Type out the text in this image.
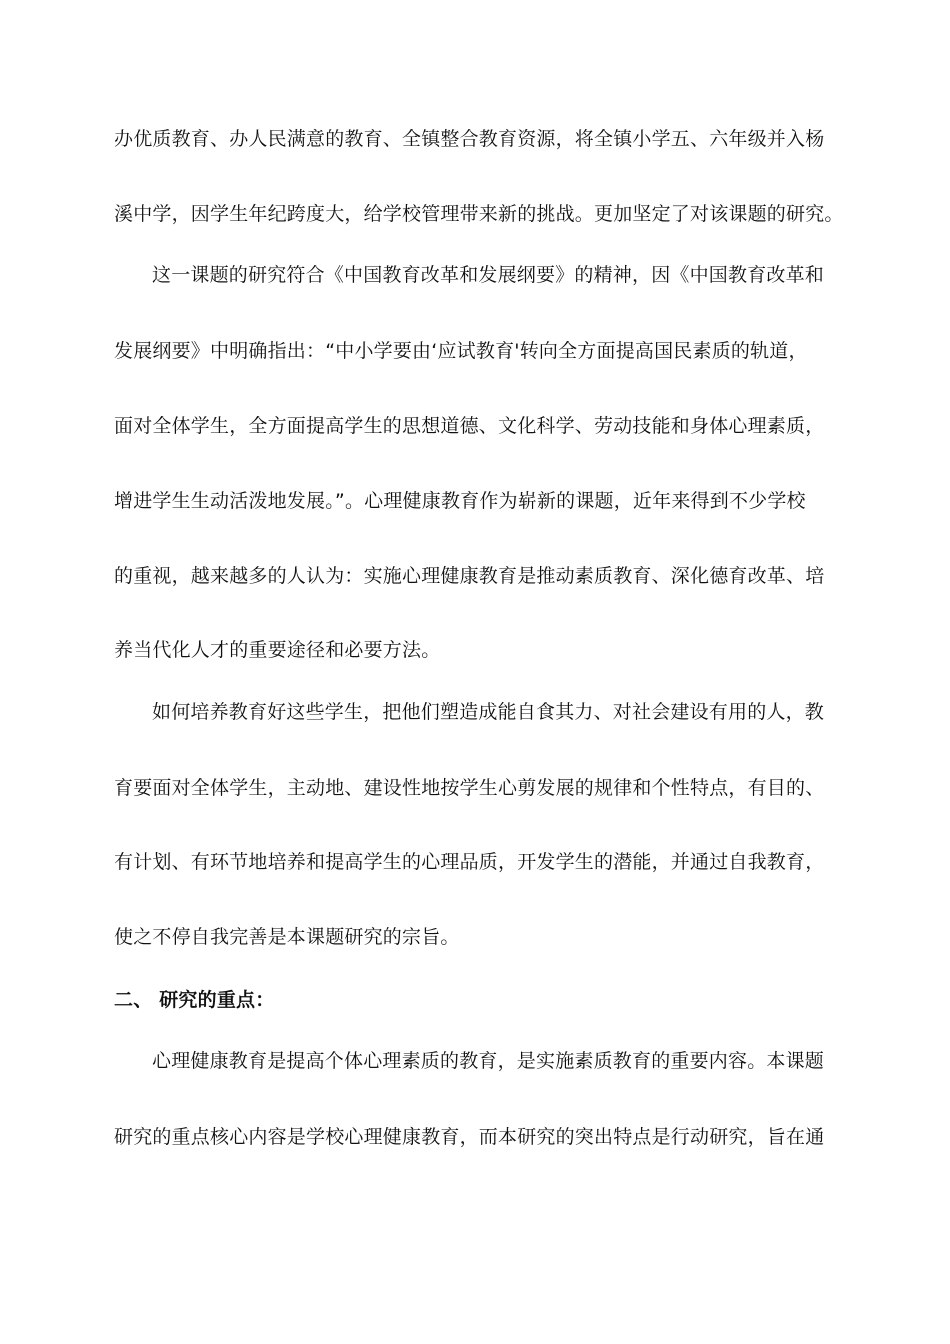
办优质教育、办人民满意的教育、全镇整合教育资源，将全镇小学五、六年级并入杨
溪中学，因学生年纪跨度大，给学校管理带来新的挑战。更加坚定了对该课题的研究。
这一课题的研究符合《中国教育改革和发展纲要》的精神，因《中国教育改革和
发展纲要》中明确指出：“中小学要由‘应试教育'转向全方面提高国民素质的轨道，
面对全体学生，全方面提高学生的思想道德、文化科学、劳动技能和身体心理素质，
增进学生生动活泼地发展。”。心理健康教育作为崭新的课题，近年来得到不少学校
的重视，越来越多的人认为：实施心理健康教育是推动素质教育、深化德育改革、培
养当代化人才的重要途径和必要方法。
如何培养教育好这些学生，把他们塑造成能自食其力、对社会建设有用的人，教
育要面对全体学生，主动地、建设性地按学生心剪发展的规律和个性特点，有目的、
有计划、有环节地培养和提高学生的心理品质，开发学生的潜能，并通过自我教育，
使之不停自我完善是本课题研究的宗旨。
二、 研究的重点：
心理健康教育是提高个体心理素质的教育，是实施素质教育的重要内容。本课题
研究的重点核心内容是学校心理健康教育，而本研究的突出特点是行动研究，旨在通
